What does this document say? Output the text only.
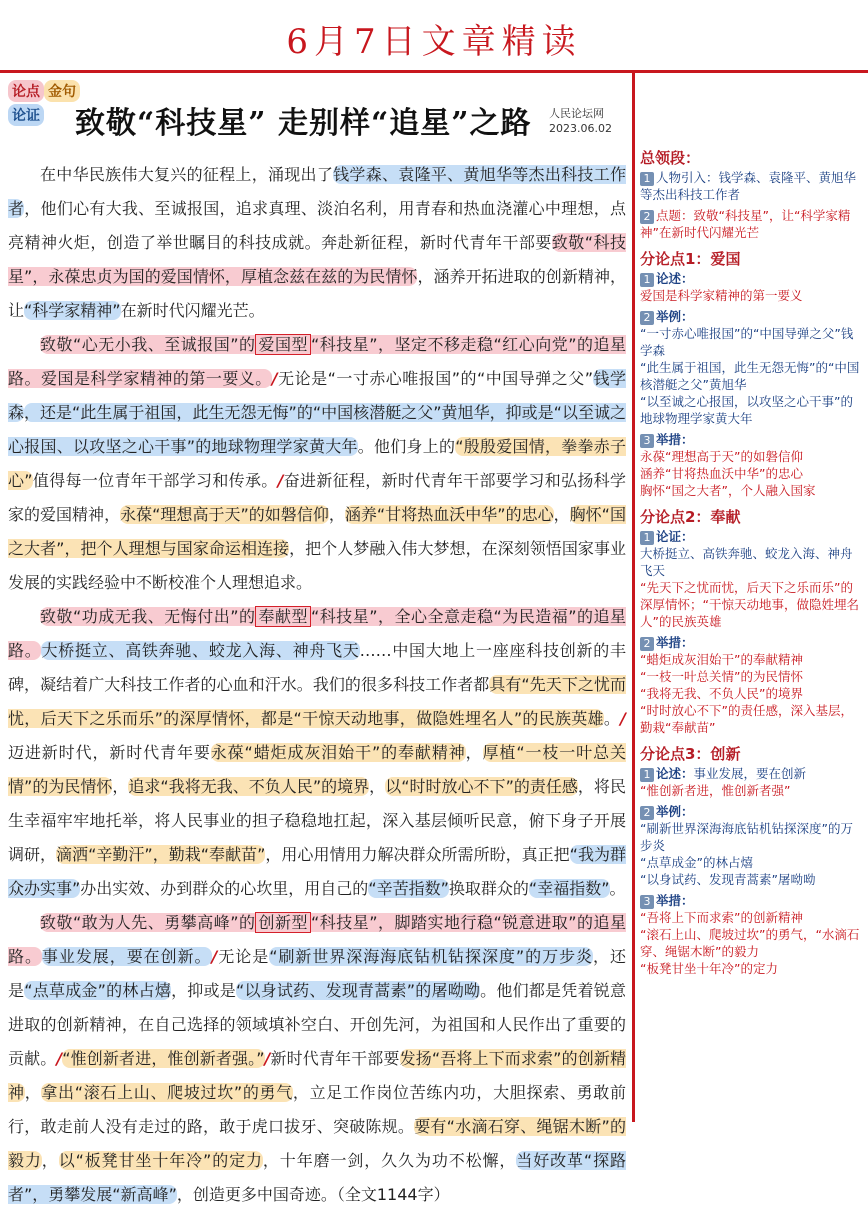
6月7日文章精读
论点 金句
论证	致敬“科技星” 走别样“追星”之路 人民论坛网
2023.06.02

在中华民族伟大复兴的征程上，涌现出了钱学森、袁隆平、黄旭华等杰出科技工作者，他们心有大我、至诚报国，追求真理、淡泊名利，用青春和热血浇灌心中理想，点亮精神火炬，创造了举世瞩目的科技成就。奔赴新征程，新时代青年干部要致敬“科技星”，永葆忠贞为国的爱国情怀，厚植念兹在兹的为民情怀，涵养开拓进取的创新精神，让“科学家精神”在新时代闪耀光芒。

致敬“心无小我、至诚报国”的 爱国型 “科技星”，坚定不移走稳“红心向党”的追星路。爱国是科学家精神的第一要义。/无论是“一寸赤心唯报国”的“中国导弹之父”钱学森，还是“此生属于祖国，此生无怨无悔”的“中国核潜艇之父”黄旭华，抑或是“以至诚之心报国、以攻坚之心干事”的地球物理学家黄大年。他们身上的“殷殷爱国情，拳拳赤子心”值得每一位青年干部学习和传承。/奋进新征程，新时代青年干部要学习和弘扬科学家的爱国精神，永葆“理想高于天”的如磐信仰，涵养“甘将热血沃中华”的忠心，胸怀“国之大者”，把个人理想与国家命运相连接，把个人梦融入伟大梦想，在深刻领悟国家事业发展的实践经验中不断校准个人理想追求。

致敬“功成无我、无悔付出”的 奉献型 “科技星”，全心全意走稳“为民造福”的追星路。大桥挺立、高铁奔驰、蛟龙入海、神舟飞天……中国大地上一座座科技创新的丰碑，凝结着广大科技工作者的心血和汗水。我们的很多科技工作者都具有“先天下之忧而忧，后天下之乐而乐”的深厚情怀，都是“干惊天动地事，做隐姓埋名人”的民族英雄。/迈进新时代，新时代青年要永葆“蜡炬成灰泪始干”的奉献精神，厚植“一枝一叶总关情”的为民情怀，追求“我将无我、不负人民”的境界，以“时时放心不下”的责任感，将民生幸福牢牢地托举，将人民事业的担子稳稳地扛起，深入基层倾听民意，俯下身子开展调研，滴洒“辛勤汗”，勤栽“奉献苗”，用心用情用力解决群众所需所盼，真正把“我为群众办实事”办出实效、办到群众的心坎里，用自己的“辛苦指数”换取群众的“幸福指数”。

致敬“敢为人先、勇攀高峰”的 创新型 “科技星”，脚踏实地行稳“锐意进取”的追星路。事业发展，要在创新。/无论是“刷新世界深海海底钻机钻探深度”的万步炎，还是“点草成金”的林占熺，抑或是“以身试药、发现青蒿素”的屠呦呦。他们都是凭着锐意进取的创新精神，在自己选择的领域填补空白、开创先河，为祖国和人民作出了重要的贡献。/“惟创新者进，惟创新者强。”/新时代青年干部要发扬“吾将上下而求索”的创新精神，拿出“滚石上山、爬坡过坎”的勇气，立足工作岗位苦练内功，大胆探索、勇敢前行，敢走前人没有走过的路，敢于虎口拔牙、突破陈规。要有“水滴石穿、绳锯木断”的毅力，以“板凳甘坐十年冷”的定力，十年磨一剑，久久为功不松懈，当好改革“探路者”，勇攀发展“新高峰”，创造更多中国奇迹。（全文1144字）

总领段：
1 人物引入：钱学森、袁隆平、黄旭华等杰出科技工作者
2 点题：致敬“科技星”，让“科学家精神”在新时代闪耀光芒
分论点1：爱国
1 论述：
爱国是科学家精神的第一要义
2 举例：
“一寸赤心唯报国”的“中国导弹之父”钱学森
“此生属于祖国，此生无怨无悔”的“中国核潜艇之父”黄旭华
“以至诚之心报国，以攻坚之心干事”的地球物理学家黄大年
3 举措：
永葆“理想高于天”的如磐信仰
涵养“甘将热血沃中华”的忠心
胸怀“国之大者”，个人融入国家
分论点2：奉献
1 论证：
大桥挺立、高铁奔驰、蛟龙入海、神舟飞天
“先天下之忧而忧，后天下之乐而乐”的深厚情怀；“干惊天动地事，做隐姓埋名人”的民族英雄
2 举措：
“蜡炬成灰泪始干”的奉献精神
“一枝一叶总关情”的为民情怀
“我将无我、不负人民”的境界
“时时放心不下”的责任感，深入基层，勤栽“奉献苗”
分论点3：创新
1 论述：事业发展，要在创新
“惟创新者进，惟创新者强”
2 举例：
“刷新世界深海海底钻机钻探深度”的万步炎
“点草成金”的林占熺
“以身试药、发现青蒿素”屠呦呦
3 举措：
“吾将上下而求索”的创新精神
“滚石上山、爬坡过坎”的勇气，“水滴石穿、绳锯木断”的毅力
“板凳甘坐十年冷”的定力
